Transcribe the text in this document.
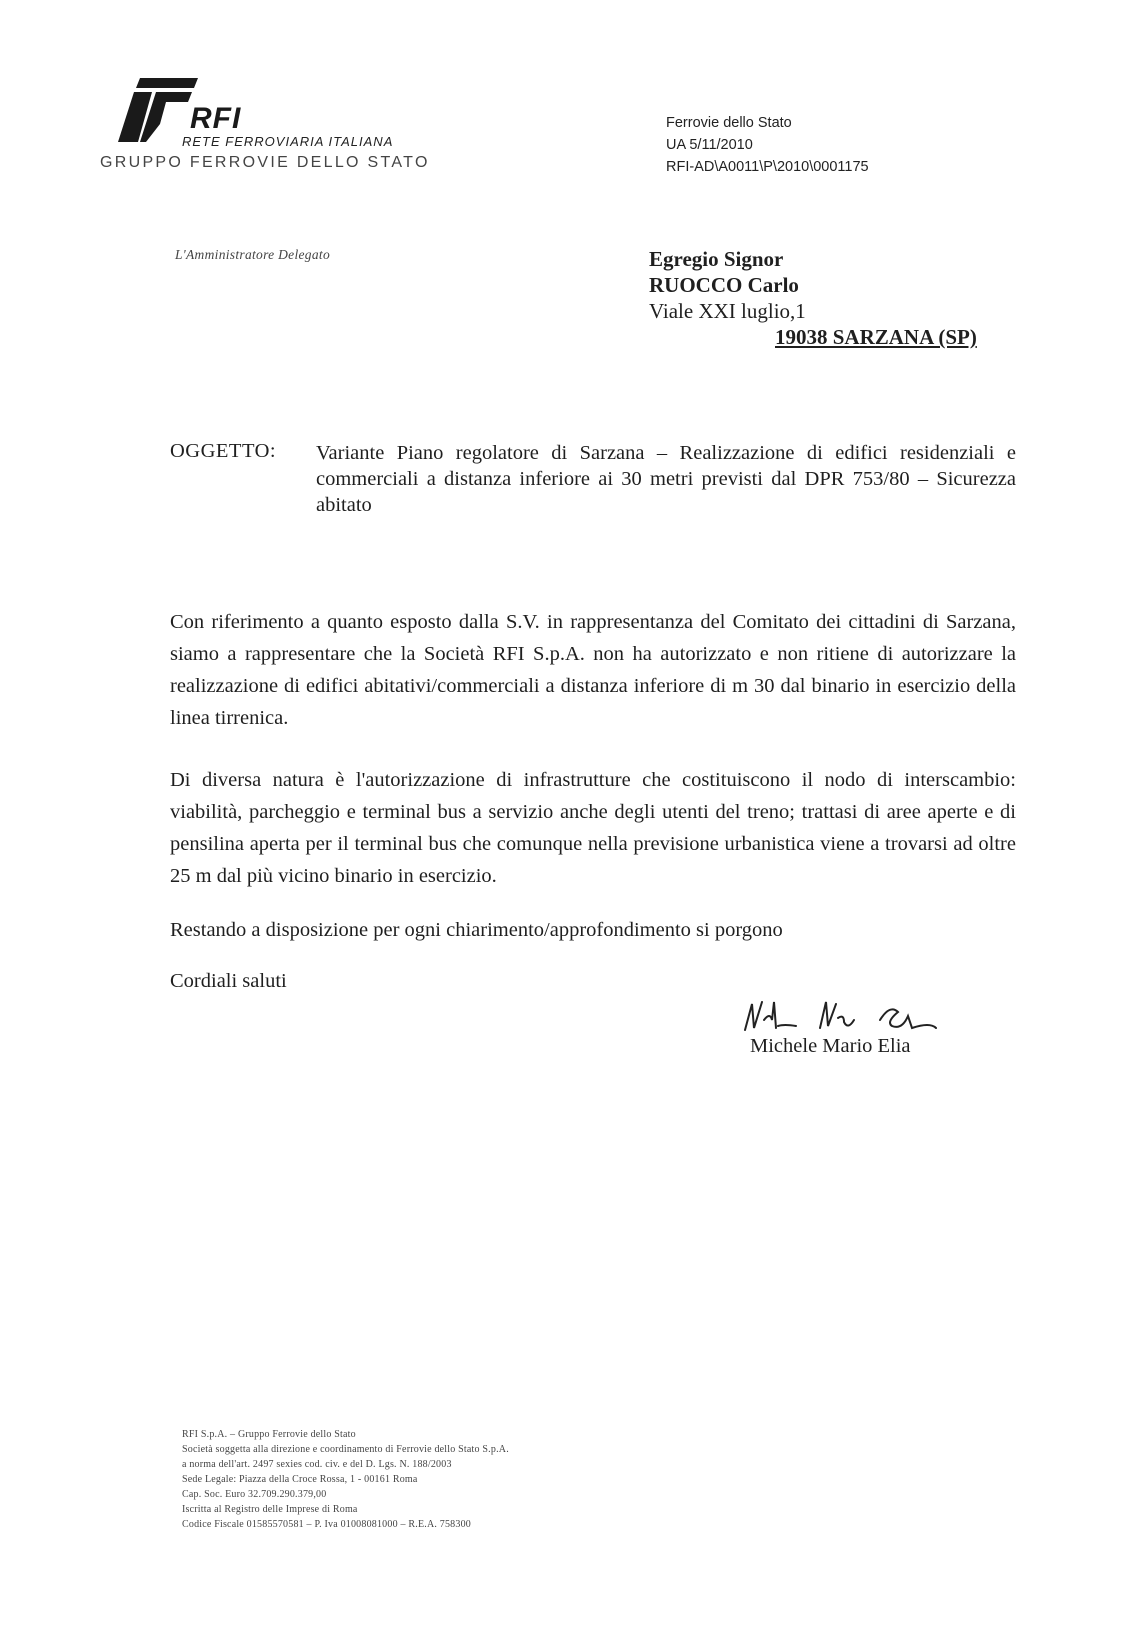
RFI
RETE FERROVIARIA ITALIANA
GRUPPO FERROVIE DELLO STATO
Ferrovie dello Stato
UA 5/11/2010
RFI-AD\A0011\P\2010\0001175
L'Amministratore Delegato	Egregio Signor
RUOCCO Carlo
Viale XXI luglio,1
19038 SARZANA (SP)
OGGETTO: Variante Piano regolatore di Sarzana – Realizzazione di edifici residenziali e commerciali a distanza inferiore ai 30 metri previsti dal DPR 753/80 – Sicurezza abitato
Con riferimento a quanto esposto dalla S.V. in rappresentanza del Comitato dei cittadini di Sarzana, siamo a rappresentare che la Società RFI S.p.A. non ha autorizzato e non ritiene di autorizzare la realizzazione di edifici abitativi/commerciali a distanza inferiore di m 30 dal binario in esercizio della linea tirrenica.
Di diversa natura è l'autorizzazione di infrastrutture che costituiscono il nodo di interscambio: viabilità, parcheggio e terminal bus a servizio anche degli utenti del treno; trattasi di aree aperte e di pensilina aperta per il terminal bus che comunque nella previsione urbanistica viene a trovarsi ad oltre 25 m dal più vicino binario in esercizio.
Restando a disposizione per ogni chiarimento/approfondimento si porgono
Cordiali saluti
Michele Mario Elia
RFI S.p.A. – Gruppo Ferrovie dello Stato
Società soggetta alla direzione e coordinamento di Ferrovie dello Stato S.p.A.
a norma dell'art. 2497 sexies cod. civ. e del D. Lgs. N. 188/2003
Sede Legale: Piazza della Croce Rossa, 1 - 00161 Roma
Cap. Soc. Euro 32.709.290.379,00
Iscritta al Registro delle Imprese di Roma
Codice Fiscale 01585570581 – P. Iva 01008081000 – R.E.A. 758300
